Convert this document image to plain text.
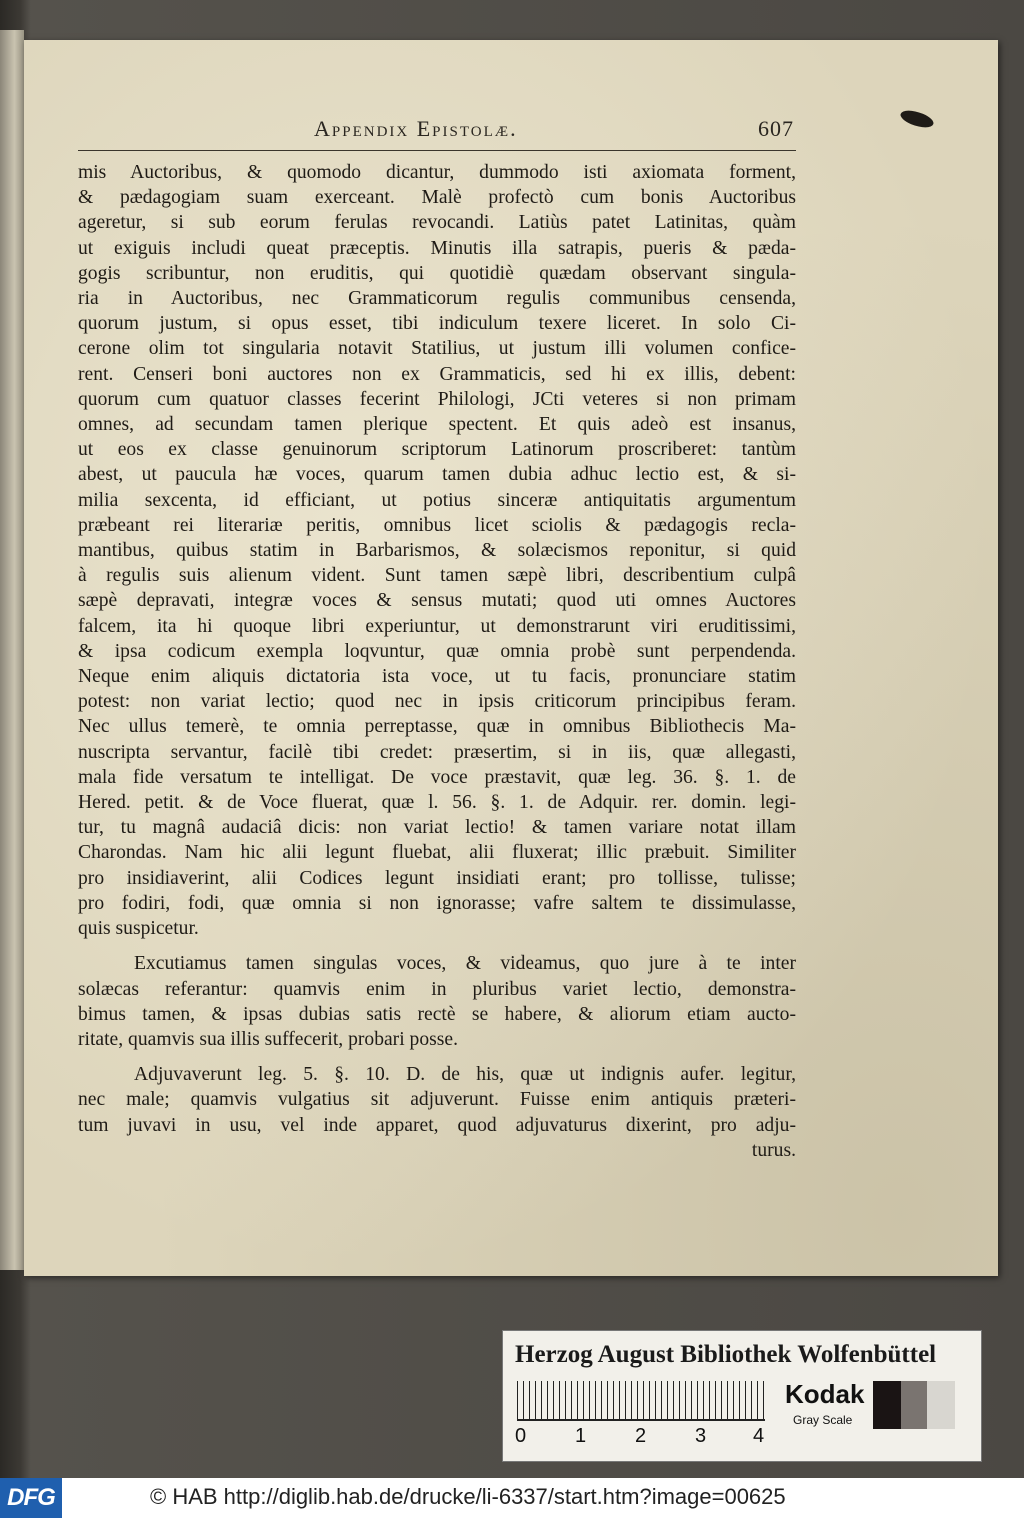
Appendix Epistolæ.	607
mis Auctoribus, & quomodo dicantur, dummodo isti axiomata forment,
& pædagogiam suam exerceant. Malè profectò cum bonis Auctoribus
ageretur, si sub eorum ferulas revocandi. Latiùs patet Latinitas, quàm
ut exiguis includi queat præceptis. Minutis illa satrapis, pueris & pæda-
gogis scribuntur, non eruditis, qui quotidiè quædam observant singula-
ria in Auctoribus, nec Grammaticorum regulis communibus censenda,
quorum justum, si opus esset, tibi indiculum texere liceret. In solo Ci-
cerone olim tot singularia notavit Statilius, ut justum illi volumen confice-
rent. Censeri boni auctores non ex Grammaticis, sed hi ex illis, debent:
quorum cum quatuor classes fecerint Philologi, JCti veteres si non primam
omnes, ad secundam tamen plerique spectent. Et quis adeò est insanus,
ut eos ex classe genuinorum scriptorum Latinorum proscriberet: tantùm
abest, ut paucula hæ voces, quarum tamen dubia adhuc lectio est, & si-
milia sexcenta, id efficiant, ut potius sinceræ antiquitatis argumentum
præbeant rei literariæ peritis, omnibus licet sciolis & pædagogis recla-
mantibus, quibus statim in Barbarismos, & solæcismos reponitur, si quid
à regulis suis alienum vident. Sunt tamen sæpè libri, describentium culpâ
sæpè depravati, integræ voces & sensus mutati; quod uti omnes Auctores
falcem, ita hi quoque libri experiuntur, ut demonstrarunt viri eruditissimi,
& ipsa codicum exempla loqvuntur, quæ omnia probè sunt perpendenda.
Neque enim aliquis dictatoria ista voce, ut tu facis, pronunciare statim
potest: non variat lectio; quod nec in ipsis criticorum principibus feram.
Nec ullus temerè, te omnia perreptasse, quæ in omnibus Bibliothecis Ma-
nuscripta servantur, facilè tibi credet: præsertim, si in iis, quæ allegasti,
mala fide versatum te intelligat. De voce præstavit, quæ leg. 36. §. 1. de
Hered. petit. & de Voce fluerat, quæ l. 56. §. 1. de Adquir. rer. domin. legi-
tur, tu magnâ audaciâ dicis: non variat lectio! & tamen variare notat illam
Charondas. Nam hic alii legunt fluebat, alii fluxerat; illic præbuit. Similiter
pro insidiaverint, alii Codices legunt insidiati erant; pro tollisse, tulisse;
pro fodiri, fodi, quæ omnia si non ignorasse; vafre saltem te dissimulasse,
quis suspicetur.
Excutiamus tamen singulas voces, & videamus, quo jure à te inter
solæcas referantur: quamvis enim in pluribus variet lectio, demonstra-
bimus tamen, & ipsas dubias satis rectè se habere, & aliorum etiam aucto-
ritate, quamvis sua illis suffecerit, probari posse.
Adjuvaverunt leg. 5. §. 10. D. de his, quæ ut indignis aufer. legitur,
nec male; quamvis vulgatius sit adjuverunt. Fuisse enim antiquis præteri-
tum juvavi in usu, vel inde apparet, quod adjuvaturus dixerint, pro adju-
turus.
Herzog August Bibliothek Wolfenbüttel
0 1 2 3 4
Kodak
Gray Scale
DFG	© HAB http://diglib.hab.de/drucke/li-6337/start.htm?image=00625
